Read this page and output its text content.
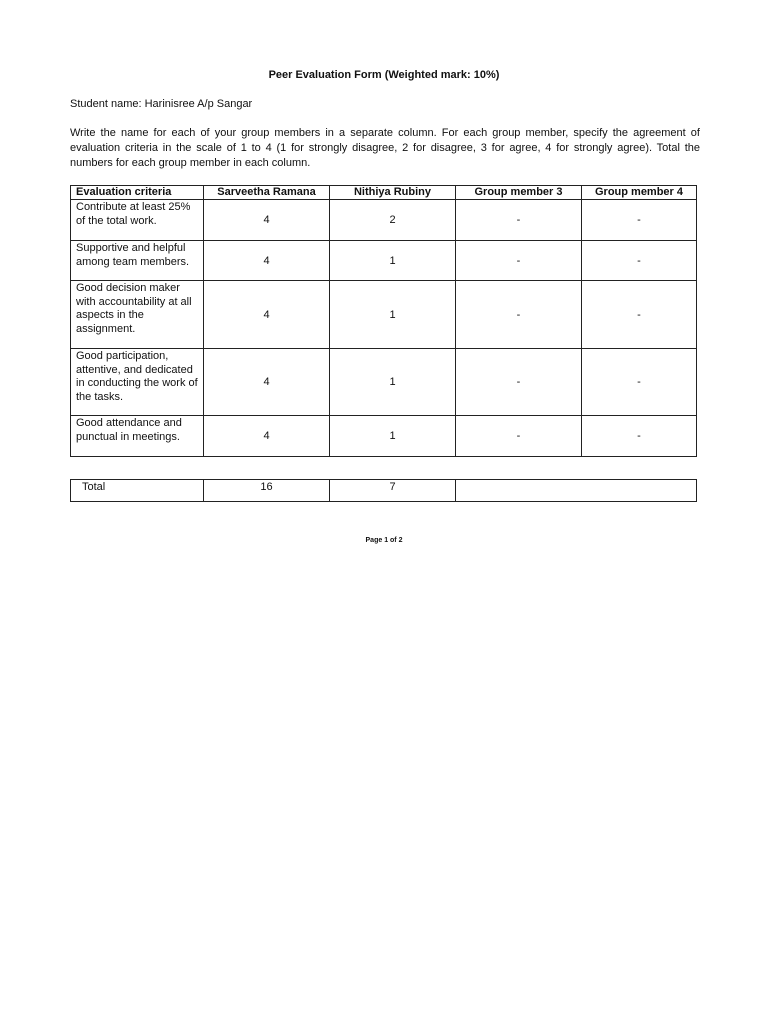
Peer Evaluation Form (Weighted mark: 10%)
Student name: Harinisree A/p Sangar
Write the name for each of your group members in a separate column. For each group member, specify the agreement of evaluation criteria in the scale of 1 to 4 (1 for strongly disagree, 2 for disagree, 3 for agree, 4 for strongly agree). Total the numbers for each group member in each column.
Evaluation criteria	Sarveetha Ramana	Nithiya Rubiny	Group member 3	Group member 4
Contribute at least 25% of the total work.	4	2	-	-
Supportive and helpful among team members.	4	1	-	-
Good decision maker with accountability at all aspects in the assignment.	4	1	-	-
Good participation, attentive, and dedicated in conducting the work of the tasks.	4	1	-	-
Good attendance and punctual in meetings.	4	1	-	-
Total	16	7	
Page 1 of 2
